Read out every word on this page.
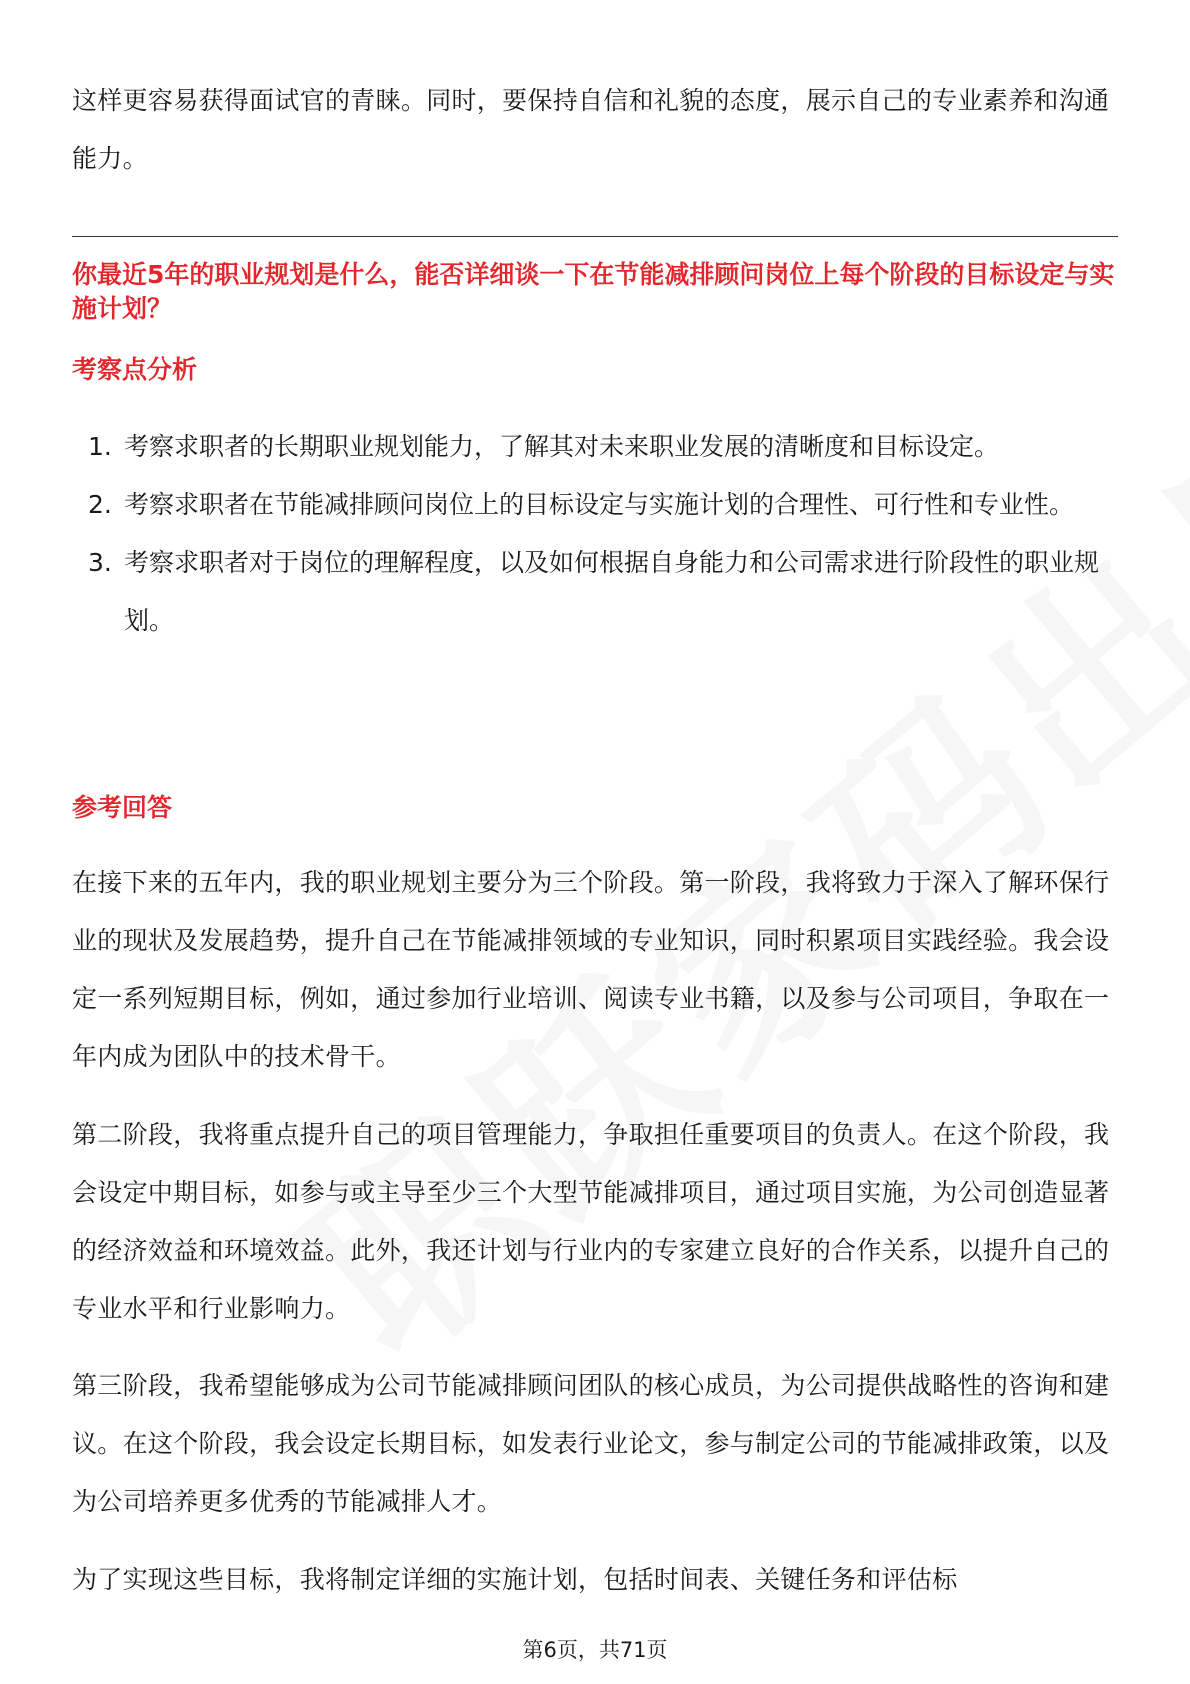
这样更容易获得面试官的青睐。同时，要保持自信和礼貌的态度，展示自己的专业素养和沟通能力。

你最近5年的职业规划是什么，能否详细谈一下在节能减排顾问岗位上每个阶段的目标设定与实施计划？

考察点分析

1. 考察求职者的长期职业规划能力，了解其对未来职业发展的清晰度和目标设定。
2. 考察求职者在节能减排顾问岗位上的目标设定与实施计划的合理性、可行性和专业性。
3. 考察求职者对于岗位的理解程度，以及如何根据自身能力和公司需求进行阶段性的职业规划。

参考回答

在接下来的五年内，我的职业规划主要分为三个阶段。第一阶段，我将致力于深入了解环保行业的现状及发展趋势，提升自己在节能减排领域的专业知识，同时积累项目实践经验。我会设定一系列短期目标，例如，通过参加行业培训、阅读专业书籍，以及参与公司项目，争取在一年内成为团队中的技术骨干。

第二阶段，我将重点提升自己的项目管理能力，争取担任重要项目的负责人。在这个阶段，我会设定中期目标，如参与或主导至少三个大型节能减排项目，通过项目实施，为公司创造显著的经济效益和环境效益。此外，我还计划与行业内的专家建立良好的合作关系，以提升自己的专业水平和行业影响力。

第三阶段，我希望能够成为公司节能减排顾问团队的核心成员，为公司提供战略性的咨询和建议。在这个阶段，我会设定长期目标，如发表行业论文，参与制定公司的节能减排政策，以及为公司培养更多优秀的节能减排人才。

为了实现这些目标，我将制定详细的实施计划，包括时间表、关键任务和评估标

第6页，共71页
